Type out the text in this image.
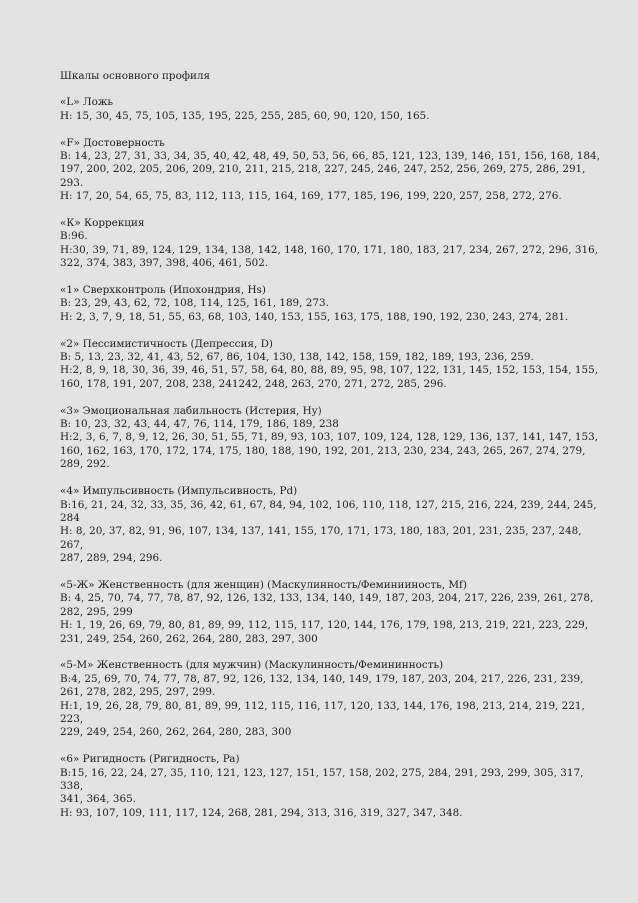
Шкалы основного профиля

«L» Ложь

Н: 15, 30, 45, 75, 105, 135, 195, 225, 255, 285, 60, 90, 120, 150, 165.

«F» Достоверность

В: 14, 23, 27, 31, 33, 34, 35, 40, 42, 48, 49, 50, 53, 56, 66, 85, 121, 123, 139, 146, 151, 156, 168, 184,

197, 200, 202, 205, 206, 209, 210, 211, 215, 218, 227, 245, 246, 247, 252, 256, 269, 275, 286, 291,

293.

Н: 17, 20, 54, 65, 75, 83, 112, 113, 115, 164, 169, 177, 185, 196, 199, 220, 257, 258, 272, 276.

«К» Коррекция

В:96.

Н:30, 39, 71, 89, 124, 129, 134, 138, 142, 148, 160, 170, 171, 180, 183, 217, 234, 267, 272, 296, 316,

322, 374, 383, 397, 398, 406, 461, 502.

«1» Сверхконтроль (Ипохондрия, Hs)

В: 23, 29, 43, 62, 72, 108, 114, 125, 161, 189, 273.

Н: 2, 3, 7, 9, 18, 51, 55, 63, 68, 103, 140, 153, 155, 163, 175, 188, 190, 192, 230, 243, 274, 281.

«2» Пессимистичность (Депрессия, D)

В: 5, 13, 23, 32, 41, 43, 52, 67, 86, 104, 130, 138, 142, 158, 159, 182, 189, 193, 236, 259.

Н:2, 8, 9, 18, 30, 36, 39, 46, 51, 57, 58, 64, 80, 88, 89, 95, 98, 107, 122, 131, 145, 152, 153, 154, 155,

160, 178, 191, 207, 208, 238, 241242, 248, 263, 270, 271, 272, 285, 296.

«3» Эмоциональная лабильность (Истерия, Hy)

В: 10, 23, 32, 43, 44, 47, 76, 114, 179, 186, 189, 238

Н:2, 3, 6, 7, 8, 9, 12, 26, 30, 51, 55, 71, 89, 93, 103, 107, 109, 124, 128, 129, 136, 137, 141, 147, 153,

160, 162, 163, 170, 172, 174, 175, 180, 188, 190, 192, 201, 213, 230, 234, 243, 265, 267, 274, 279,

289, 292.

«4» Импульсивность (Импульсивность, Pd)

В:16, 21, 24, 32, 33, 35, 36, 42, 61, 67, 84, 94, 102, 106, 110, 118, 127, 215, 216, 224, 239, 244, 245,

284

Н: 8, 20, 37, 82, 91, 96, 107, 134, 137, 141, 155, 170, 171, 173, 180, 183, 201, 231, 235, 237, 248, 267,

287, 289, 294, 296.

«5-Ж» Женственность (для женщин) (Маскулинность/Феминииность, Mf)

В: 4, 25, 70, 74, 77, 78, 87, 92, 126, 132, 133, 134, 140, 149, 187, 203, 204, 217, 226, 239, 261, 278,

282, 295, 299

Н: 1, 19, 26, 69, 79, 80, 81, 89, 99, 112, 115, 117, 120, 144, 176, 179, 198, 213, 219, 221, 223, 229,

231, 249, 254, 260, 262, 264, 280, 283, 297, 300

«5-М» Женственность (для мужчин) (Маскулинность/Фемининность)

В:4, 25, 69, 70, 74, 77, 78, 87, 92, 126, 132, 134, 140, 149, 179, 187, 203, 204, 217, 226, 231, 239,

261, 278, 282, 295, 297, 299.

Н:1, 19, 26, 28, 79, 80, 81, 89, 99, 112, 115, 116, 117, 120, 133, 144, 176, 198, 213, 214, 219, 221, 223,

229, 249, 254, 260, 262, 264, 280, 283, 300

«6» Ригидность (Ригидность, Pa)

В:15, 16, 22, 24, 27, 35, 110, 121, 123, 127, 151, 157, 158, 202, 275, 284, 291, 293, 299, 305, 317, 338,

341, 364, 365.

Н: 93, 107, 109, 111, 117, 124, 268, 281, 294, 313, 316, 319, 327, 347, 348.
